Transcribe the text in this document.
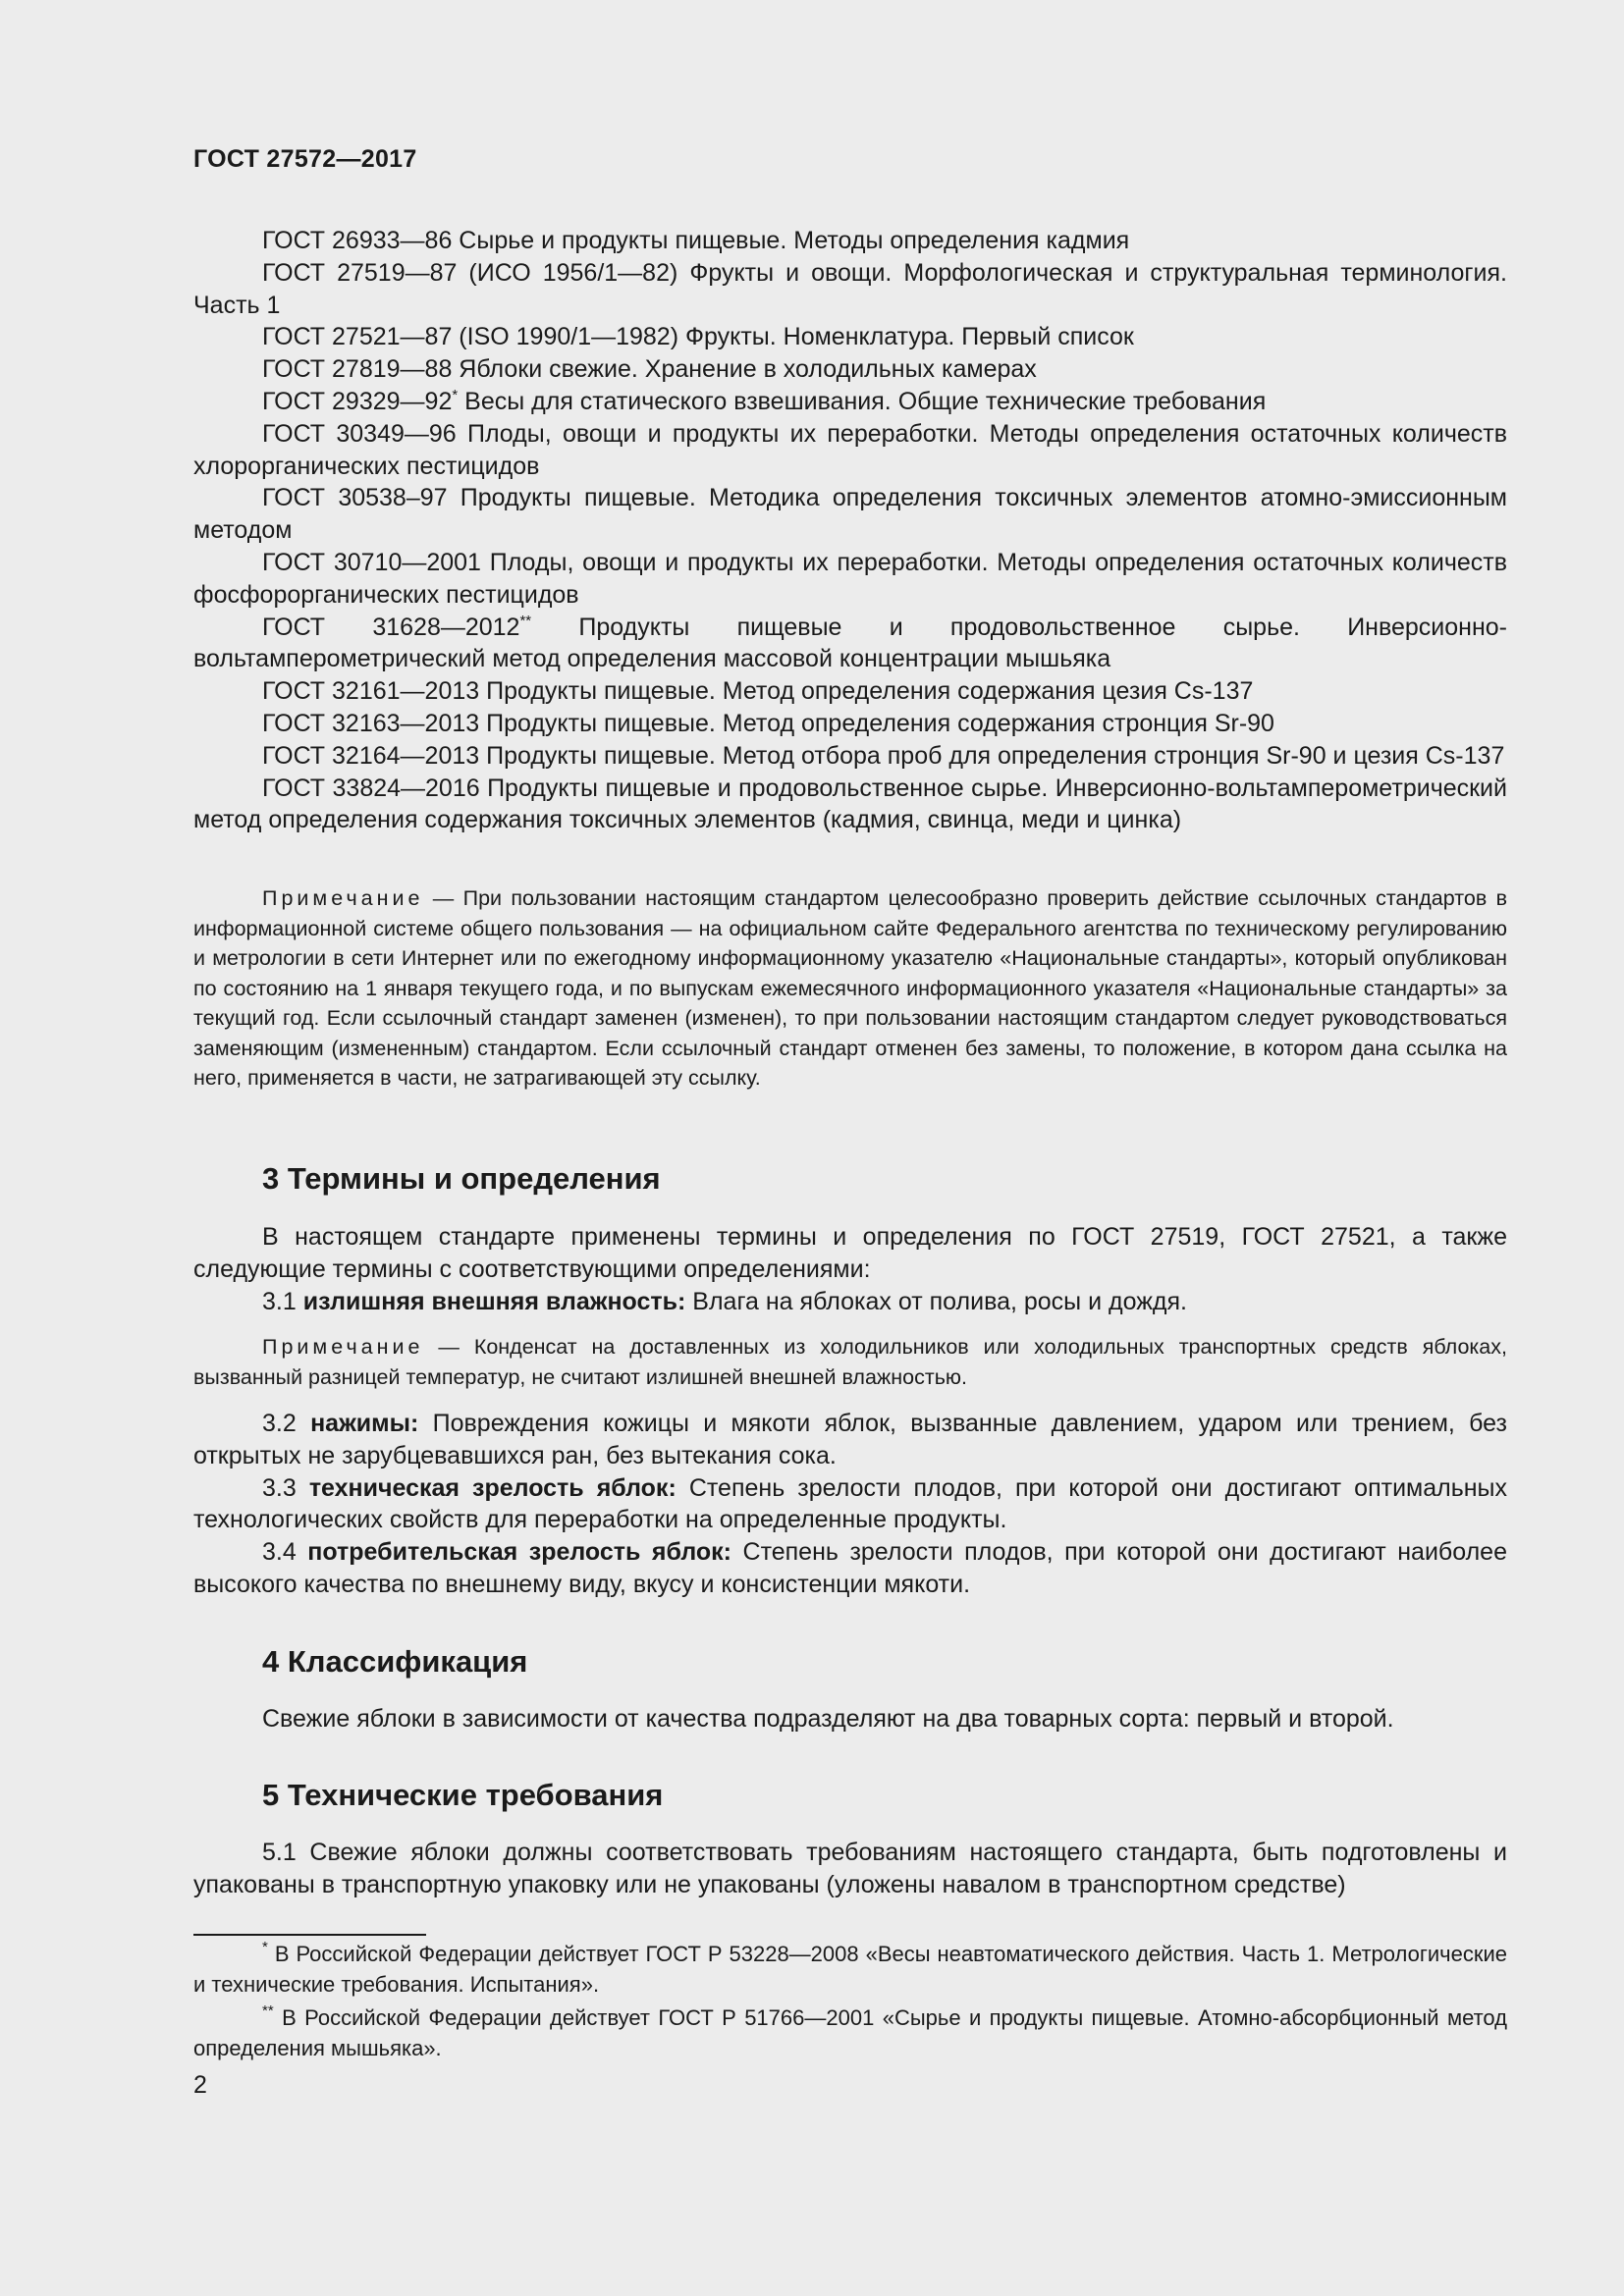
ГОСТ 27572—2017

ГОСТ 26933—86 Сырье и продукты пищевые. Методы определения кадмия

ГОСТ 27519—87 (ИСО 1956/1—82) Фрукты и овощи. Морфологическая и структуральная терминология. Часть 1

ГОСТ 27521—87 (ISO 1990/1—1982) Фрукты. Номенклатура. Первый список

ГОСТ 27819—88 Яблоки свежие. Хранение в холодильных камерах

ГОСТ 29329—92* Весы для статического взвешивания. Общие технические требования

ГОСТ 30349—96 Плоды, овощи и продукты их переработки. Методы определения остаточных количеств хлорорганических пестицидов

ГОСТ 30538–97 Продукты пищевые. Методика определения токсичных элементов атомно-эмиссионным методом

ГОСТ 30710—2001 Плоды, овощи и продукты их переработки. Методы определения остаточных количеств фосфорорганических пестицидов

ГОСТ 31628—2012** Продукты пищевые и продовольственное сырье. Инверсионно-вольтамперометрический метод определения массовой концентрации мышьяка

ГОСТ 32161—2013 Продукты пищевые. Метод определения содержания цезия Cs-137

ГОСТ 32163—2013 Продукты пищевые. Метод определения содержания стронция Sr-90

ГОСТ 32164—2013 Продукты пищевые. Метод отбора проб для определения стронция Sr-90 и цезия Cs-137

ГОСТ 33824—2016 Продукты пищевые и продовольственное сырье. Инверсионно-вольтамперометрический метод определения содержания токсичных элементов (кадмия, свинца, меди и цинка)

Примечание — При пользовании настоящим стандартом целесообразно проверить действие ссылочных стандартов в информационной системе общего пользования — на официальном сайте Федерального агентства по техническому регулированию и метрологии в сети Интернет или по ежегодному информационному указателю «Национальные стандарты», который опубликован по состоянию на 1 января текущего года, и по выпускам ежемесячного информационного указателя «Национальные стандарты» за текущий год. Если ссылочный стандарт заменен (изменен), то при пользовании настоящим стандартом следует руководствоваться заменяющим (измененным) стандартом. Если ссылочный стандарт отменен без замены, то положение, в котором дана ссылка на него, применяется в части, не затрагивающей эту ссылку.

3 Термины и определения

В настоящем стандарте применены термины и определения по ГОСТ 27519, ГОСТ 27521, а также следующие термины с соответствующими определениями:

3.1 излишняя внешняя влажность: Влага на яблоках от полива, росы и дождя.

Примечание — Конденсат на доставленных из холодильников или холодильных транспортных средств яблоках, вызванный разницей температур, не считают излишней внешней влажностью.

3.2 нажимы: Повреждения кожицы и мякоти яблок, вызванные давлением, ударом или трением, без открытых не зарубцевавшихся ран, без вытекания сока.

3.3 техническая зрелость яблок: Степень зрелости плодов, при которой они достигают оптимальных технологических свойств для переработки на определенные продукты.

3.4 потребительская зрелость яблок: Степень зрелости плодов, при которой они достигают наиболее высокого качества по внешнему виду, вкусу и консистенции мякоти.

4 Классификация

Свежие яблоки в зависимости от качества подразделяют на два товарных сорта: первый и второй.

5 Технические требования

5.1 Свежие яблоки должны соответствовать требованиям настоящего стандарта, быть подготовлены и упакованы в транспортную упаковку или не упакованы (уложены навалом в транспортном средстве)

* В Российской Федерации действует ГОСТ Р 53228—2008 «Весы неавтоматического действия. Часть 1. Метрологические и технические требования. Испытания».

** В Российской Федерации действует ГОСТ Р 51766—2001 «Сырье и продукты пищевые. Атомно-абсорбционный метод определения мышьяка».

2
